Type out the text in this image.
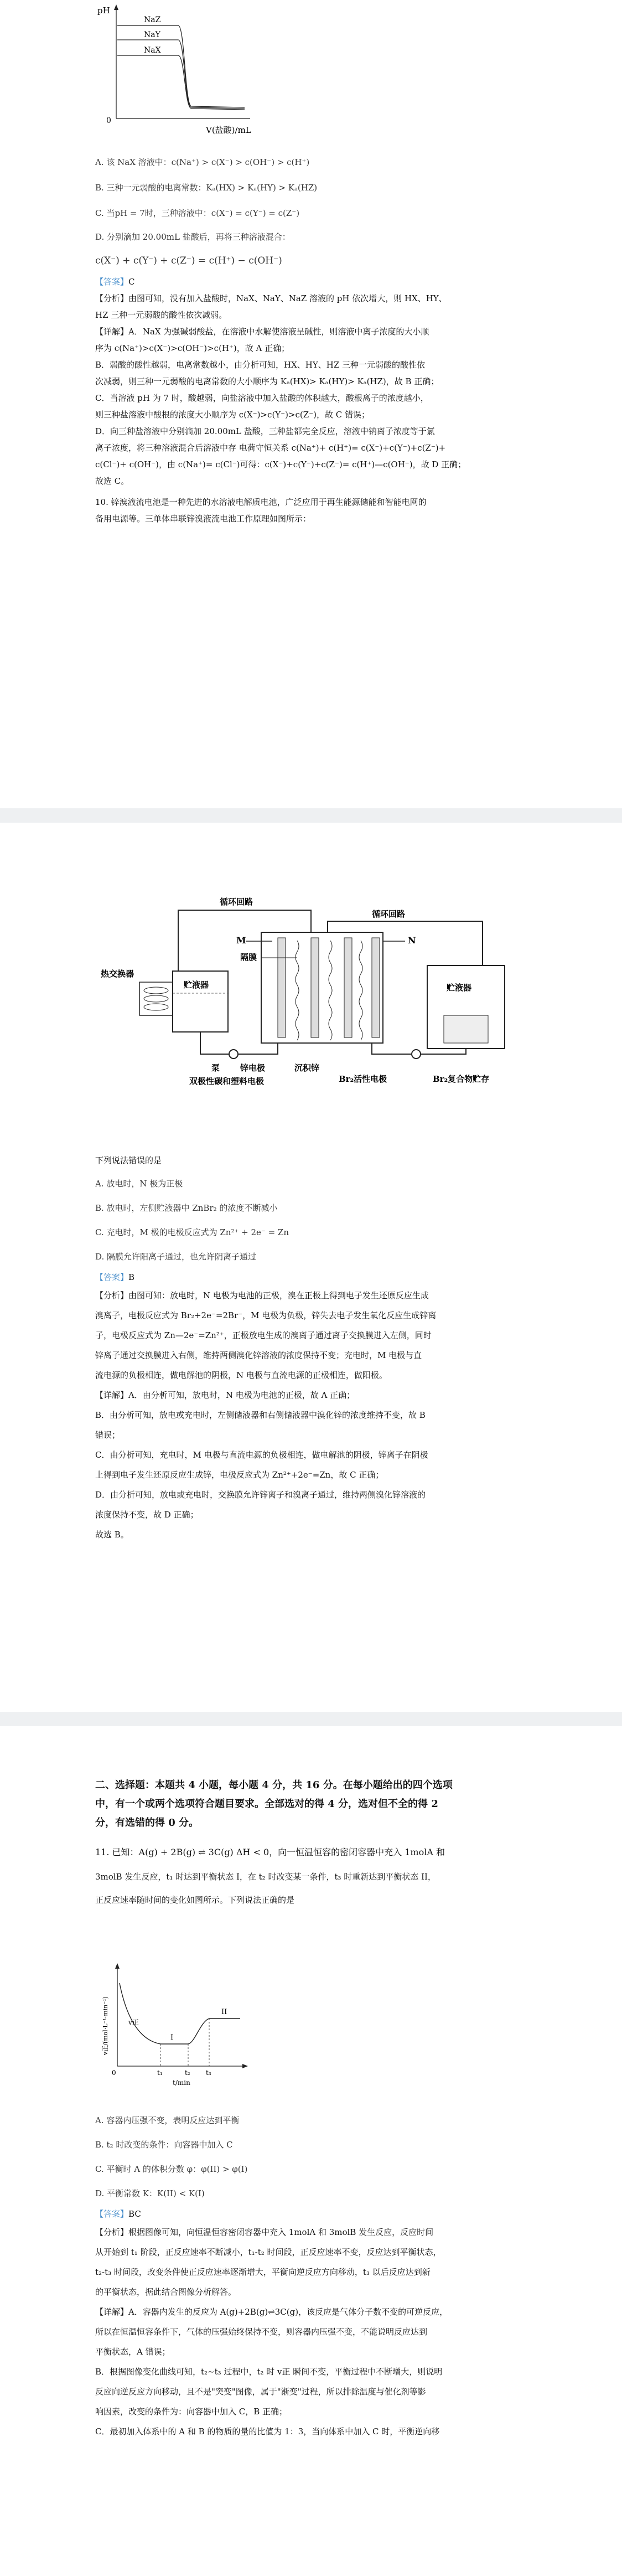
pH
0
V(盐酸)/mL
NaZ
NaY
NaX
A. 该 NaX 溶液中：c(Na⁺) > c(X⁻) > c(OH⁻) > c(H⁺)
B. 三种一元弱酸的电离常数：Kₐ(HX) > Kₐ(HY) > Kₐ(HZ)
C. 当pH = 7时，三种溶液中：c(X⁻) = c(Y⁻) = c(Z⁻)
D. 分别滴加 20.00mL 盐酸后，再将三种溶液混合：
c(X⁻) + c(Y⁻) + c(Z⁻) = c(H⁺) − c(OH⁻)
【答案】C
【分析】由图可知，没有加入盐酸时，NaX、NaY、NaZ 溶液的 pH 依次增大，则 HX、HY、
HZ 三种一元弱酸的酸性依次减弱。
【详解】A．NaX 为强碱弱酸盐，在溶液中水解使溶液呈碱性，则溶液中离子浓度的大小顺
序为 c(Na⁺)>c(X⁻)>c(OH⁻)>c(H⁺)，故 A 正确；
B．弱酸的酸性越弱，电离常数越小，由分析可知，HX、HY、HZ 三种一元弱酸的酸性依
次减弱，则三种一元弱酸的电离常数的大小顺序为 Kₐ(HX)> Kₐ(HY)> Kₐ(HZ)，故 B 正确；
C．当溶液 pH 为 7 时，酸越弱，向盐溶液中加入盐酸的体积越大，酸根离子的浓度越小，
则三种盐溶液中酸根的浓度大小顺序为 c(X⁻)>c(Y⁻)>c(Z⁻)，故 C 错误；
D．向三种盐溶液中分别滴加 20.00mL 盐酸，三种盐都完全反应，溶液中钠离子浓度等于氯
离子浓度，将三种溶液混合后溶液中存 电荷守恒关系 c(Na⁺)+ c(H⁺)= c(X⁻)+c(Y⁻)+c(Z⁻)+
c(Cl⁻)+ c(OH⁻)，由 c(Na⁺)= c(Cl⁻)可得：c(X⁻)+c(Y⁻)+c(Z⁻)= c(H⁺)—c(OH⁻)，故 D 正确；
故选 C。
10. 锌溴液流电池是一种先进的水溶液电解质电池，广泛应用于再生能源储能和智能电网的
备用电源等。三单体串联锌溴液流电池工作原理如图所示：
循环回路
循环回路
热交换器
贮液器
M	N
隔膜
贮液器
泵 锌电极
双极性碳和塑料电极
沉积锌
Br₂活性电极	Br₂复合物贮存
下列说法错误的是
A. 放电时，N 极为正极
B. 放电时，左侧贮液器中 ZnBr₂ 的浓度不断减小
C. 充电时，M 极的电极反应式为 Zn²⁺ + 2e⁻ = Zn
D. 隔膜允许阳离子通过，也允许阴离子通过
【答案】B
【分析】由图可知：放电时，N 电极为电池的正极，溴在正极上得到电子发生还原反应生成
溴离子，电极反应式为 Br₂+2e⁻=2Br⁻，M 电极为负极，锌失去电子发生氧化反应生成锌离
子，电极反应式为 Zn—2e⁻=Zn²⁺，正极放电生成的溴离子通过离子交换膜进入左侧，同时
锌离子通过交换膜进入右侧，维持两侧溴化锌溶液的浓度保持不变；充电时，M 电极与直
流电源的负极相连，做电解池的阴极，N 电极与直流电源的正极相连，做阳极。
【详解】A．由分析可知，放电时，N 电极为电池的正极，故 A 正确；
B．由分析可知，放电或充电时，左侧储液器和右侧储液器中溴化锌的浓度维持不变，故 B
错误；
C．由分析可知，充电时，M 电极与直流电源的负极相连，做电解池的阴极，锌离子在阴极
上得到电子发生还原反应生成锌，电极反应式为 Zn²⁺+2e⁻=Zn，故 C 正确；
D．由分析可知，放电或充电时，交换膜允许锌离子和溴离子通过，维持两侧溴化锌溶液的
浓度保持不变，故 D 正确；
故选 B。
二、选择题：本题共 4 小题，每小题 4 分，共 16 分。在每小题给出的四个选项
中，有一个或两个选项符合题目要求。全部选对的得 4 分，选对但不全的得 2
分，有选错的得 0 分。
11. 已知：A(g) + 2B(g) ⇌ 3C(g) ΔH < 0，向一恒温恒容的密闭容器中充入 1molA 和
3molB 发生反应，t₁ 时达到平衡状态 I，在 t₂ 时改变某一条件，t₃ 时重新达到平衡状态 II，
正反应速率随时间的变化如图所示。下列说法正确的是
v正/(mol·L⁻¹·min⁻¹)
0	t₁	t₂ t₃
t/min
v正
I
II
A. 容器内压强不变，表明反应达到平衡
B. t₂ 时改变的条件：向容器中加入 C
C. 平衡时 A 的体积分数 φ：φ(II) > φ(I)
D. 平衡常数 K：K(II) < K(I)
【答案】BC
【分析】根据图像可知，向恒温恒容密闭容器中充入 1molA 和 3molB 发生反应，反应时间
从开始到 t₁ 阶段，正反应速率不断减小，t₁-t₂ 时间段，正反应速率不变，反应达到平衡状态，
t₂-t₃ 时间段，改变条件使正反应速率逐渐增大，平衡向逆反应方向移动，t₃ 以后反应达到新
的平衡状态，据此结合图像分析解答。
【详解】A．容器内发生的反应为 A(g)+2B(g)⇌3C(g)，该反应是气体分子数不变的可逆反应，
所以在恒温恒容条件下，气体的压强始终保持不变，则容器内压强不变，不能说明反应达到
平衡状态，A 错误；
B．根据图像变化曲线可知，t₂~t₃ 过程中，t₂ 时 v正 瞬间不变，平衡过程中不断增大，则说明
反应向逆反应方向移动，且不是"突变"图像，属于"渐变"过程，所以排除温度与催化剂等影
响因素，改变的条件为：向容器中加入 C，B 正确；
C．最初加入体系中的 A 和 B 的物质的量的比值为 1：3，当向体系中加入 C 时，平衡逆向移
